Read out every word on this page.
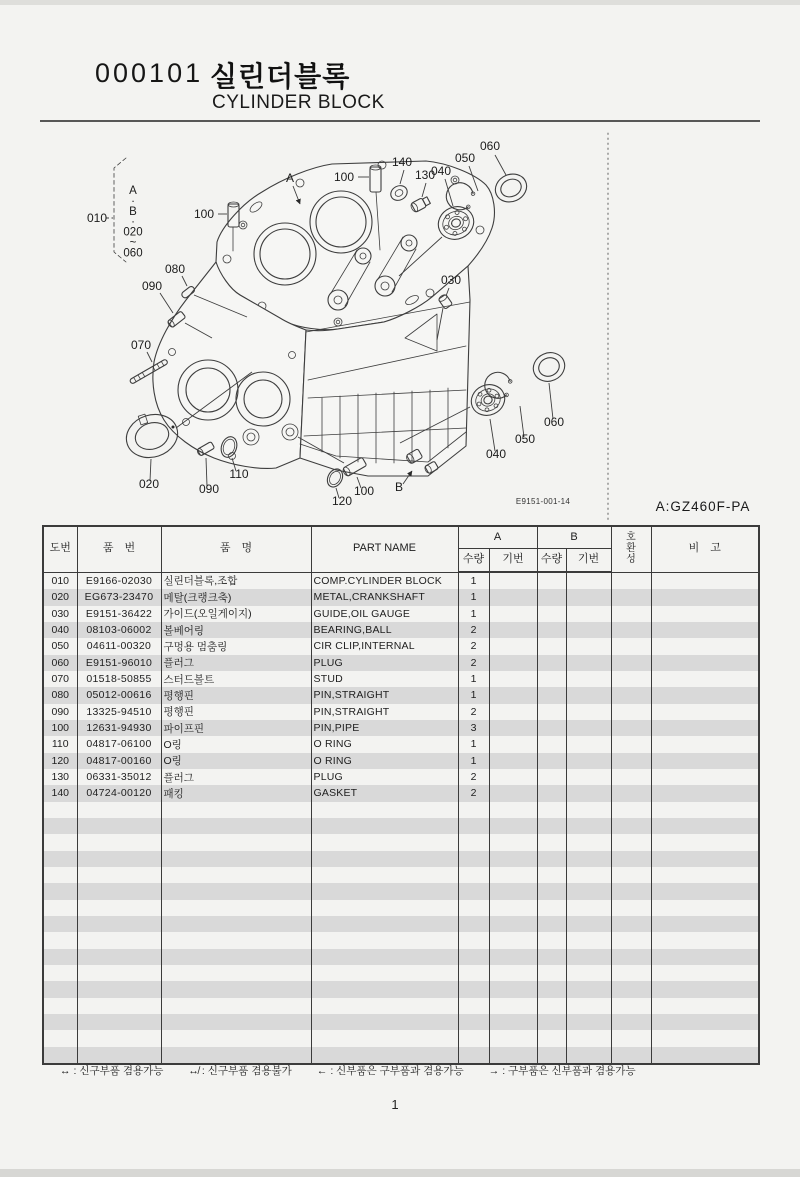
000101 실린더블록
CYLINDER BLOCK
A
100
010
100
140
130
040
050
060
080
090	030
070
020	090
110
120
100 B
040
050
060
A
·
B
·
020
~
060
E9151-001-14	A:GZ460F-PA
도번	품　번	품　명	PART NAME	A		B		호환성	비　고
				수량	기번	수량	기번		
010	E9166-02030	실린더블록,조합	COMP.CYLINDER BLOCK	1					
020	EG673-23470	메탈(크랭크축)	METAL,CRANKSHAFT	1					
030	E9151-36422	가이드(오일게이지)	GUIDE,OIL GAUGE	1					
040	08103-06002	볼베어링	BEARING,BALL	2					
050	04611-00320	구멍용 멈춤링	CIR CLIP,INTERNAL	2					
060	E9151-96010	플러그	PLUG	2					
070	01518-50855	스터드볼트	STUD	1					
080	05012-00616	평행핀	PIN,STRAIGHT	1					
090	13325-94510	평행핀	PIN,STRAIGHT	2					
100	12631-94930	파이프핀	PIN,PIPE	3					
110	04817-06100	O링	O RING	1					
120	04817-00160	O링	O RING	1					
130	06331-35012	플러그	PLUG	2					
140	04724-00120	패킹	GASKET	2					

↔ : 신구부품 겸용가능 ↮ : 신구부품 겸용불가 ← : 신부품은 구부품과 겸용가능 → : 구부품은 신부품과 겸용가능
1
